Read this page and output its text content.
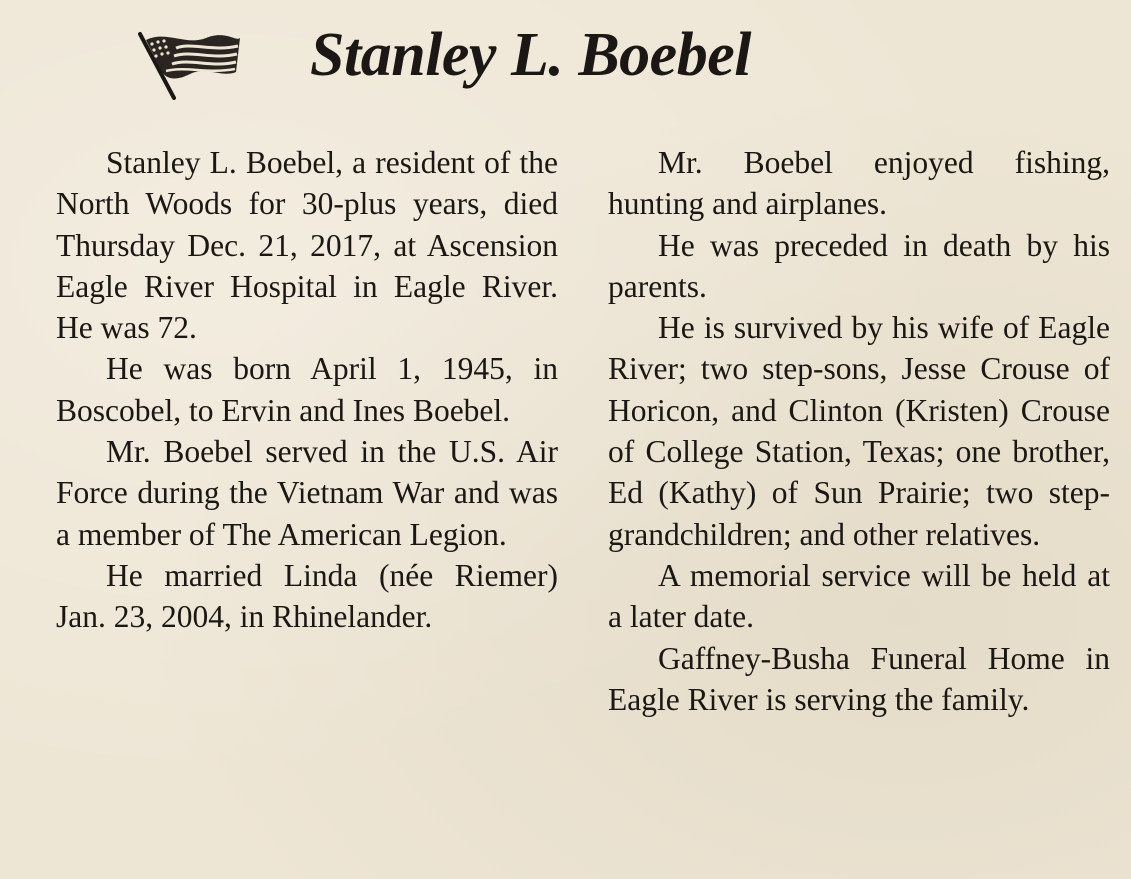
Stanley L. Boebel

Stanley L. Boebel, a resident of the North Woods for 30-plus years, died Thursday Dec. 21, 2017, at Ascension Eagle River Hospital in Eagle River. He was 72.

He was born April 1, 1945, in Boscobel, to Ervin and Ines Boebel.

Mr. Boebel served in the U.S. Air Force during the Vietnam War and was a member of The American Legion.

He married Linda (née Riemer) Jan. 23, 2004, in Rhinelander.

Mr. Boebel enjoyed fishing, hunting and airplanes.

He was preceded in death by his parents.

He is survived by his wife of Eagle River; two step-sons, Jesse Crouse of Horicon, and Clinton (Kristen) Crouse of College Station, Texas; one brother, Ed (Kathy) of Sun Prairie; two step-grandchildren; and other relatives.

A memorial service will be held at a later date.

Gaffney-Busha Funeral Home in Eagle River is serving the family.
